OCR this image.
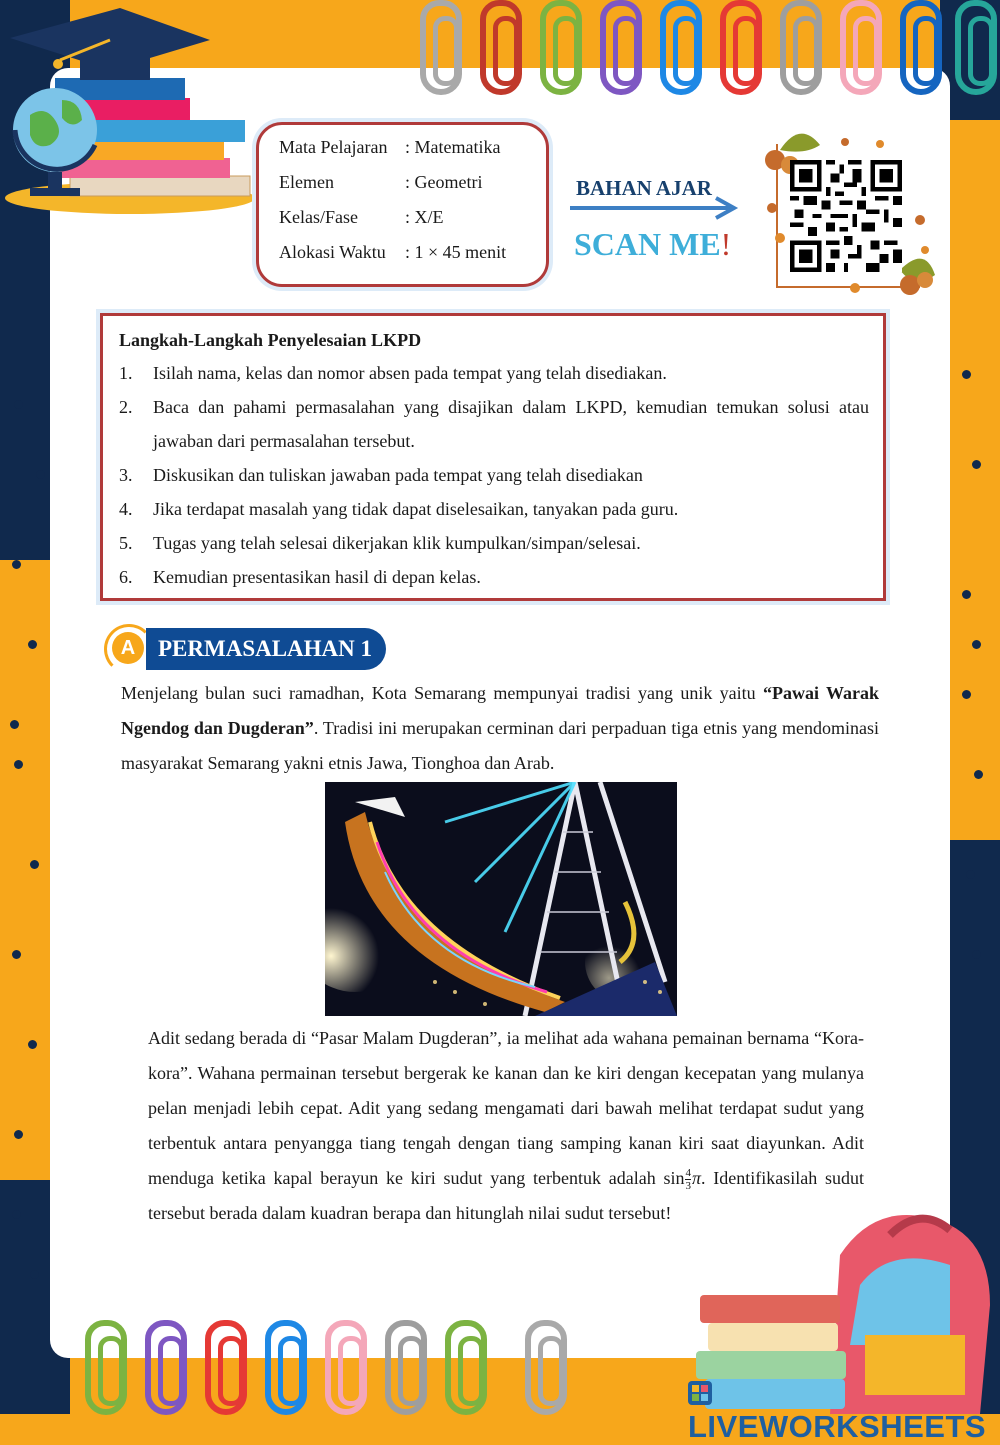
Mata Pelajaran : Matematika
Elemen	: Geometri
Kelas/Fase	: X/E
Alokasi Waktu	: 1 × 45 menit
BAHAN AJAR
SCAN ME!
Langkah-Langkah Penyelesaian LKPD
1.	Isilah nama, kelas dan nomor absen pada tempat yang telah disediakan.
2.	Baca dan pahami permasalahan yang disajikan dalam LKPD, kemudian temukan solusi atau jawaban dari permasalahan tersebut.
3.	Diskusikan dan tuliskan jawaban pada tempat yang telah disediakan
4.	Jika terdapat masalah yang tidak dapat diselesaikan, tanyakan pada guru.
5.	Tugas yang telah selesai dikerjakan klik kumpulkan/simpan/selesai.
6.	Kemudian presentasikan hasil di depan kelas.
PERMASALAHAN 1
A
Menjelang bulan suci ramadhan, Kota Semarang mempunyai tradisi yang unik yaitu “Pawai Warak Ngendog dan Dugderan”. Tradisi ini merupakan cerminan dari perpaduan tiga etnis yang mendominasi masyarakat Semarang yakni etnis Jawa, Tionghoa dan Arab.
Adit sedang berada di “Pasar Malam Dugderan”, ia melihat ada wahana pemainan bernama “Kora-kora”. Wahana permainan tersebut bergerak ke kanan dan ke kiri dengan kecepatan yang mulanya pelan menjadi lebih cepat. Adit yang sedang mengamati dari bawah melihat terdapat sudut yang terbentuk antara penyangga tiang tengah dengan tiang samping kanan kiri saat diayunkan. Adit menduga ketika kapal berayun ke kiri sudut yang terbentuk adalah $\sin \frac{4}{3} \pi$. Identifikasilah sudut tersebut berada dalam kuadran berapa dan hitunglah nilai sudut tersebut!
LIVEWORKSHEETS
